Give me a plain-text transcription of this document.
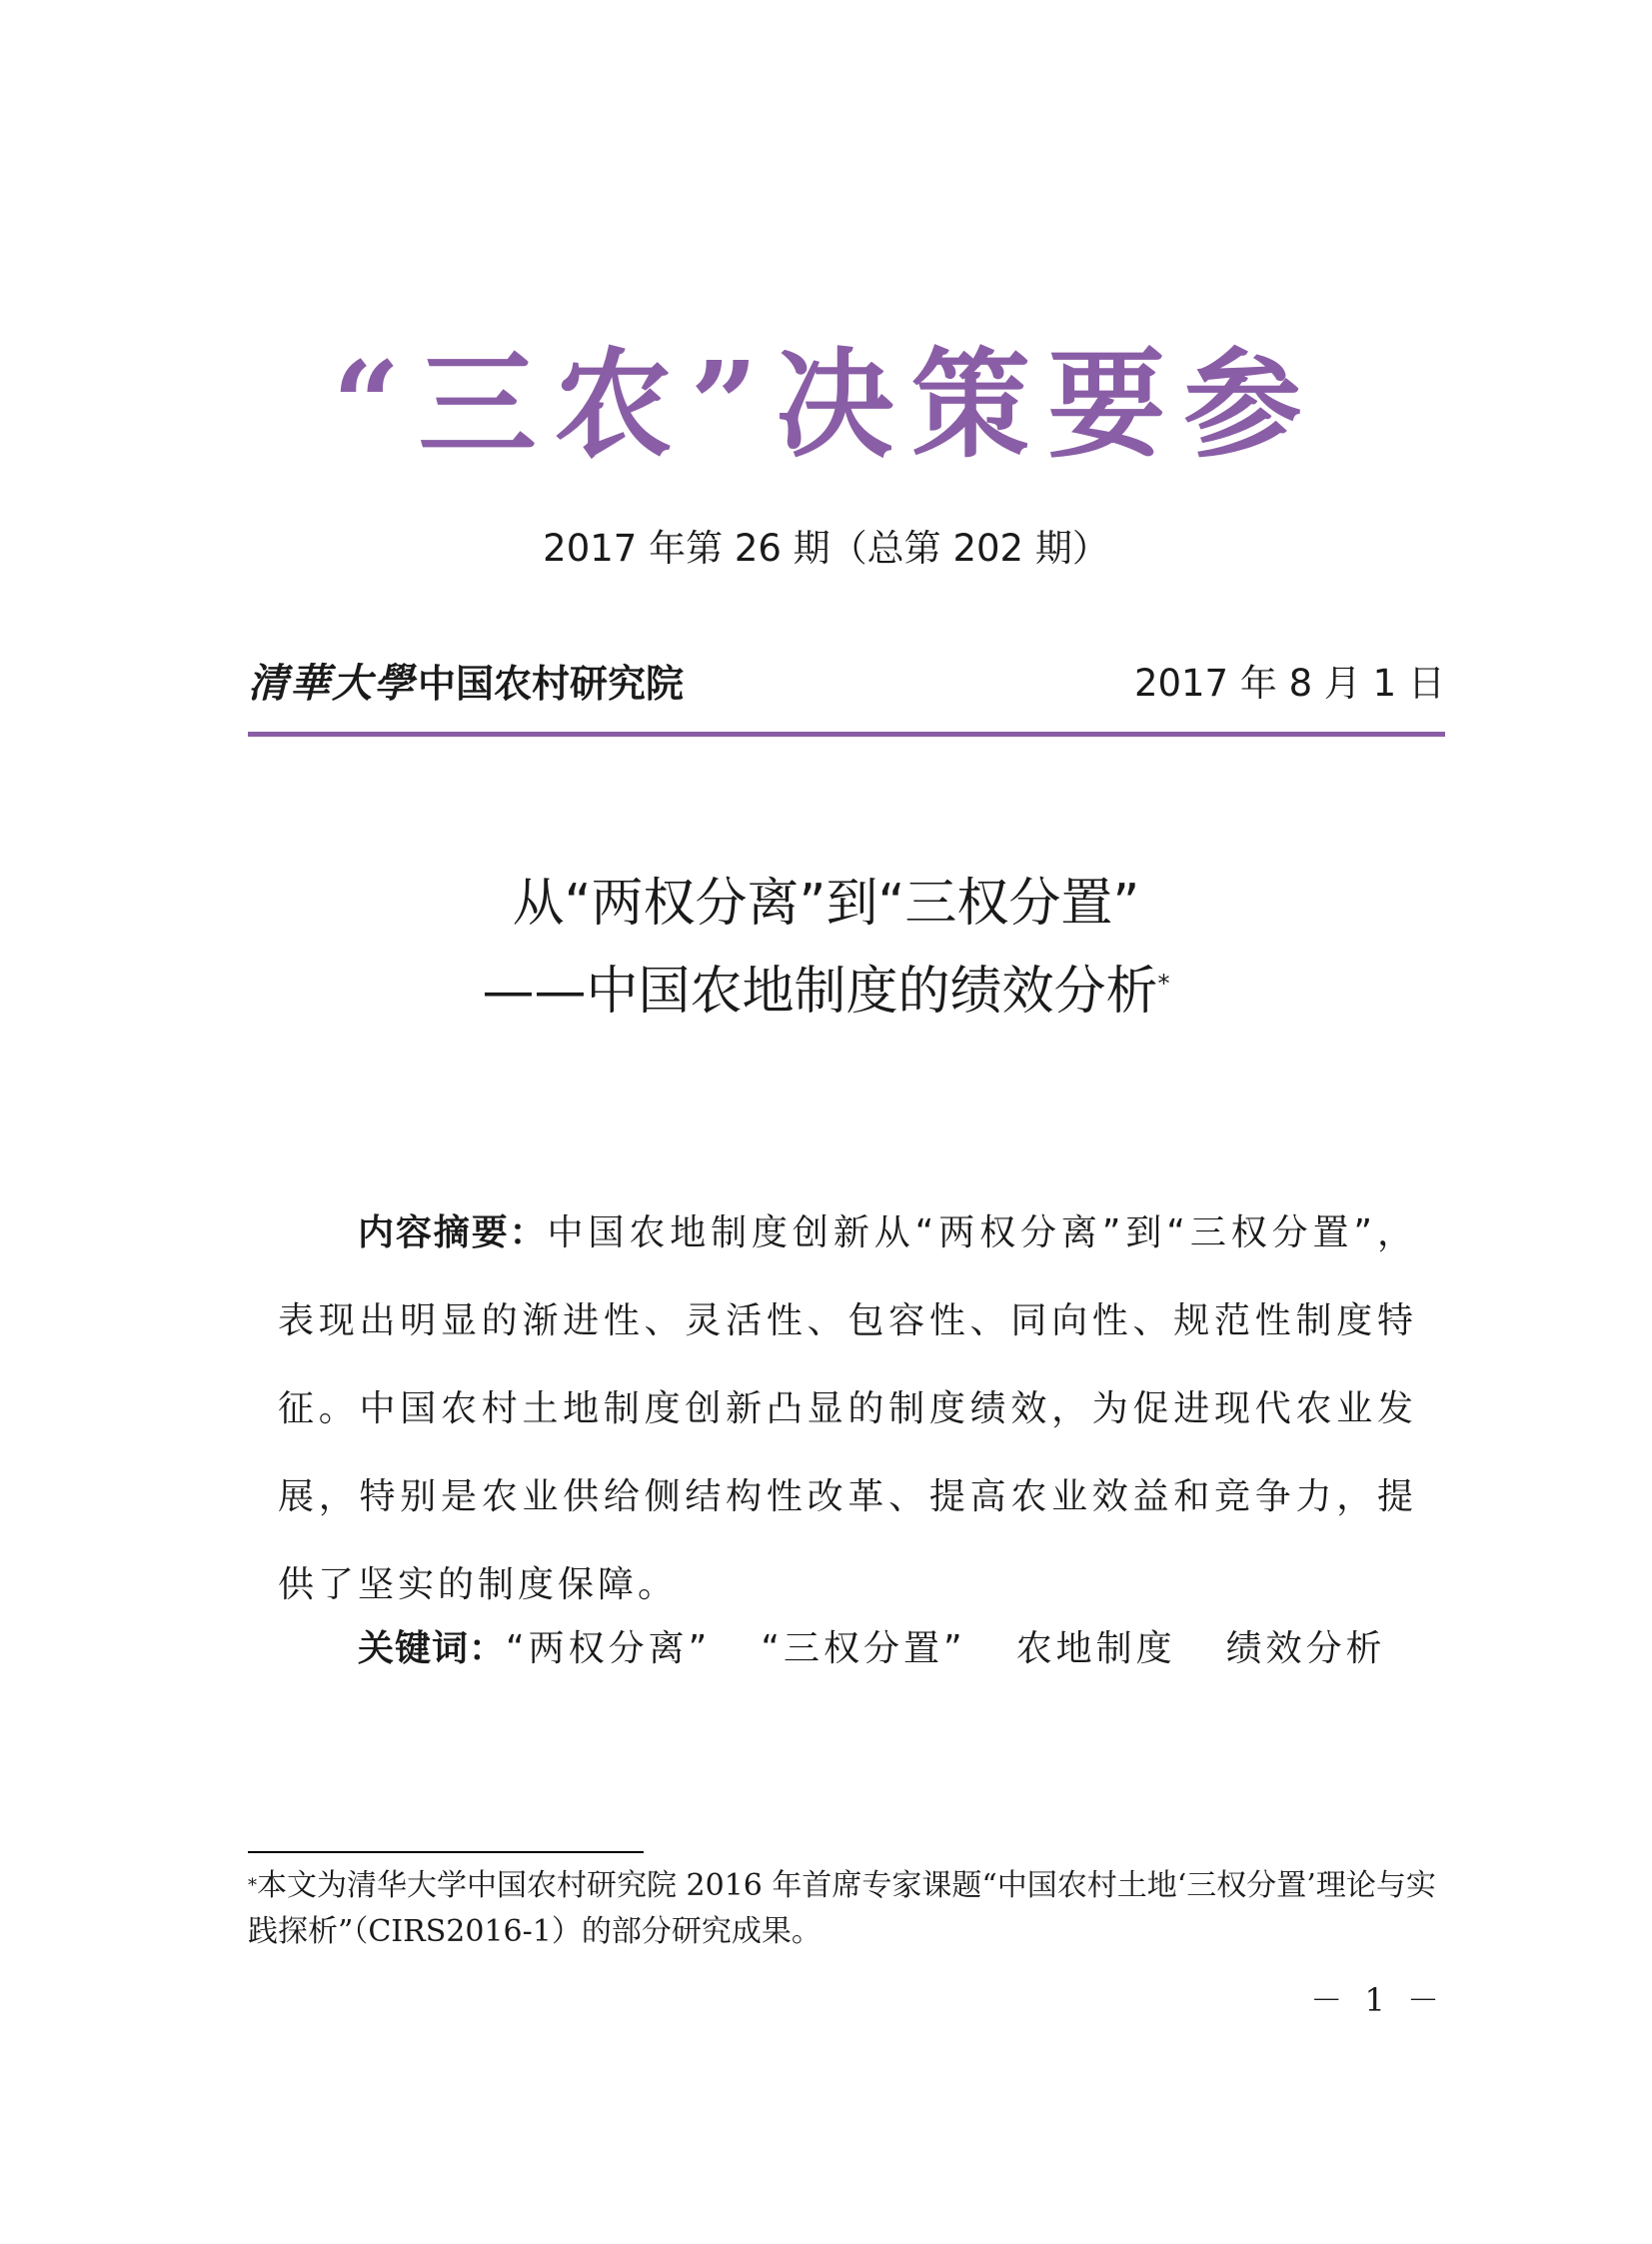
“三农”决策要参
2017 年第 26 期（总第 202 期）
清華大學 中国农村研究院	2017 年 8 月 1 日
从“两权分离”到“三权分置”
——中国农地制度的绩效分析*
内容摘要：中国农地制度创新从“两权分离”到“三权分置”，表现出明显的渐进性、灵活性、包容性、同向性、规范性制度特征。中国农村土地制度创新凸显的制度绩效，为促进现代农业发展，特别是农业供给侧结构性改革、提高农业效益和竞争力，提供了坚实的制度保障。
关键词：“两权分离” “三权分置” 农地制度 绩效分析
*本文为清华大学中国农村研究院 2016 年首席专家课题“中国农村土地‘三权分置’理论与实践探析”（CIRS2016-1）的部分研究成果。
－ 1 －
